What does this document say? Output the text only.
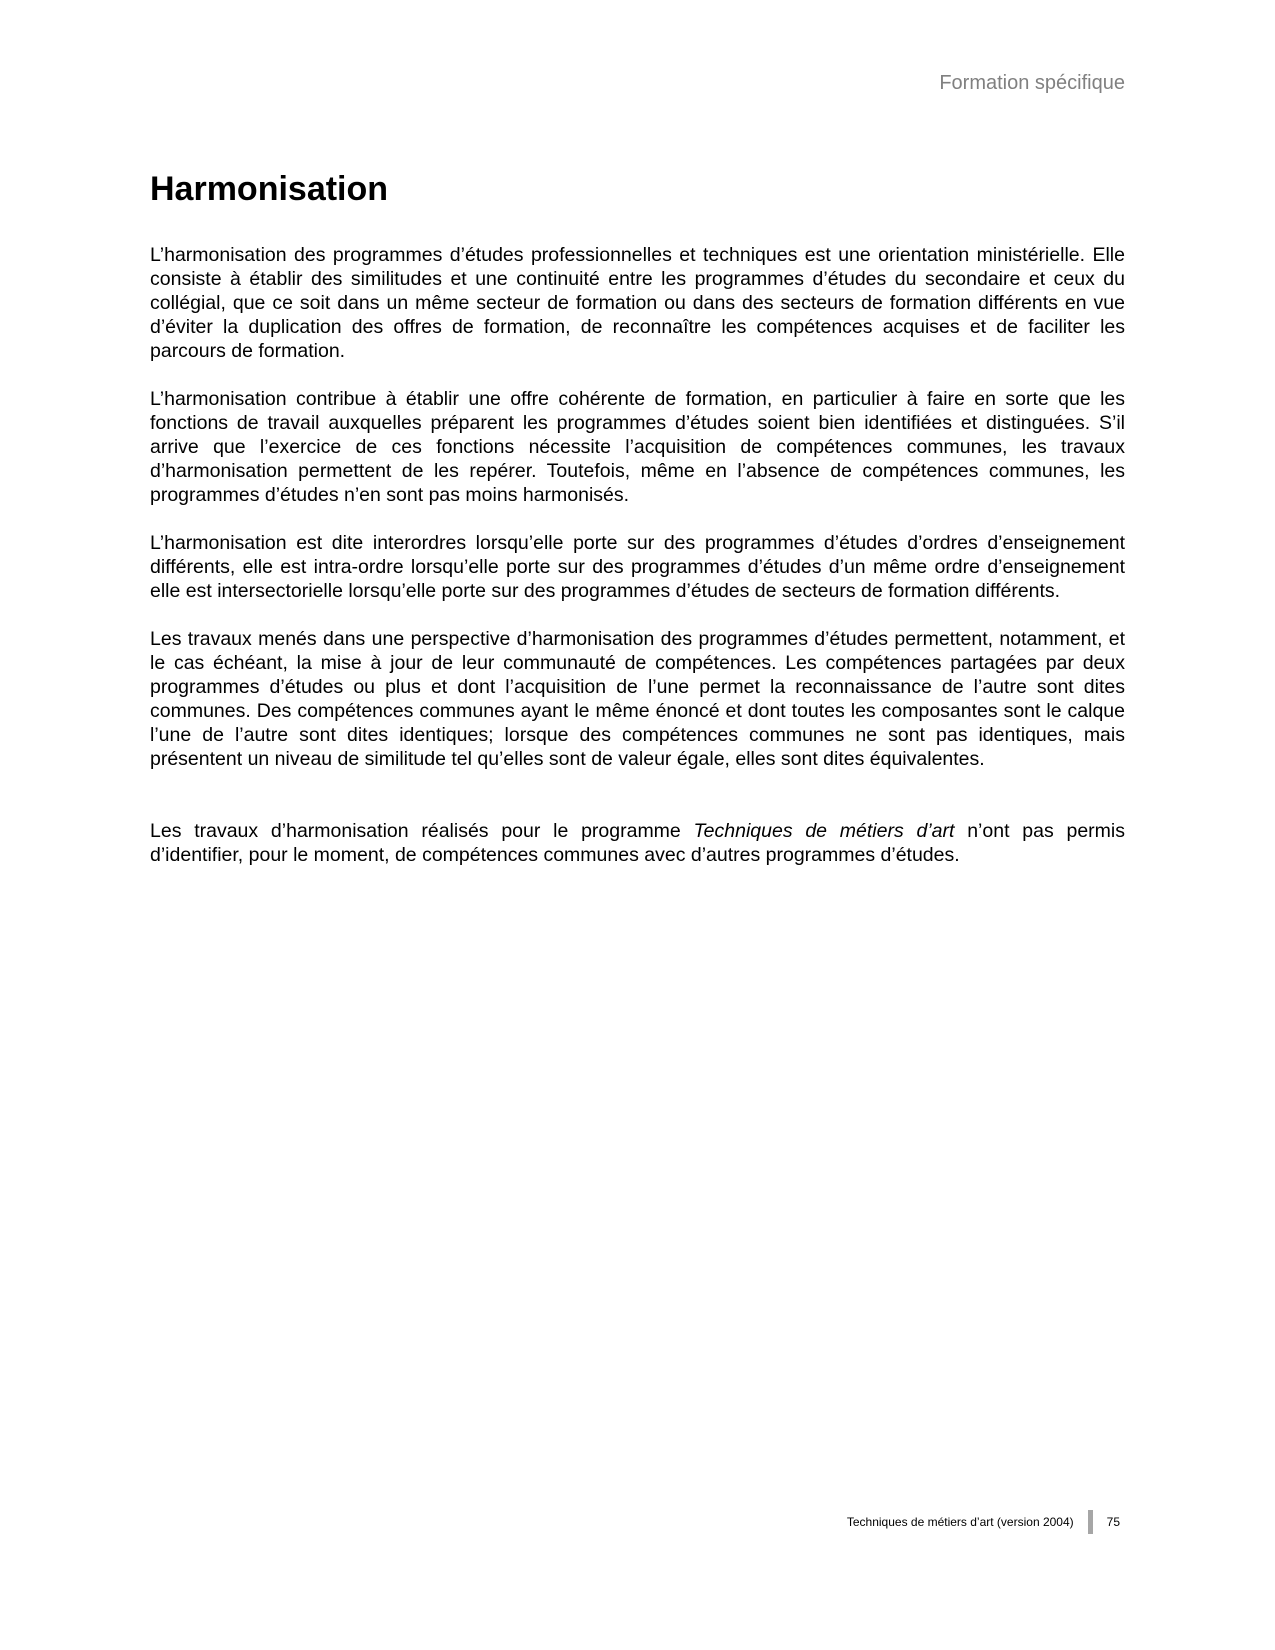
Formation spécifique
Harmonisation

L’harmonisation des programmes d’études professionnelles et techniques est une orientation ministérielle. Elle consiste à établir des similitudes et une continuité entre les programmes d’études du secondaire et ceux du collégial, que ce soit dans un même secteur de formation ou dans des secteurs de formation différents en vue d’éviter la duplication des offres de formation, de reconnaître les compétences acquises et de faciliter les parcours de formation.

L’harmonisation contribue à établir une offre cohérente de formation, en particulier à faire en sorte que les fonctions de travail auxquelles préparent les programmes d’études soient bien identifiées et distinguées. S’il arrive que l’exercice de ces fonctions nécessite l’acquisition de compétences communes, les travaux d’harmonisation permettent de les repérer. Toutefois, même en l’absence de compétences communes, les programmes d’études n’en sont pas moins harmonisés.

L’harmonisation est dite interordres lorsqu’elle porte sur des programmes d’études d’ordres d’enseignement différents, elle est intra-ordre lorsqu’elle porte sur des programmes d’études d’un même ordre d’enseignement elle est intersectorielle lorsqu’elle porte sur des programmes d’études de secteurs de formation différents.

Les travaux menés dans une perspective d’harmonisation des programmes d’études permettent, notamment, et le cas échéant, la mise à jour de leur communauté de compétences. Les compétences partagées par deux programmes d’études ou plus et dont l’acquisition de l’une permet la reconnaissance de l’autre sont dites communes. Des compétences communes ayant le même énoncé et dont toutes les composantes sont le calque l’une de l’autre sont dites identiques; lorsque des compétences communes ne sont pas identiques, mais présentent un niveau de similitude tel qu’elles sont de valeur égale, elles sont dites équivalentes.

Les travaux d’harmonisation réalisés pour le programme Techniques de métiers d’art n’ont pas permis d’identifier, pour le moment, de compétences communes avec d’autres programmes d’études.

Techniques de métiers d’art (version 2004)	75
